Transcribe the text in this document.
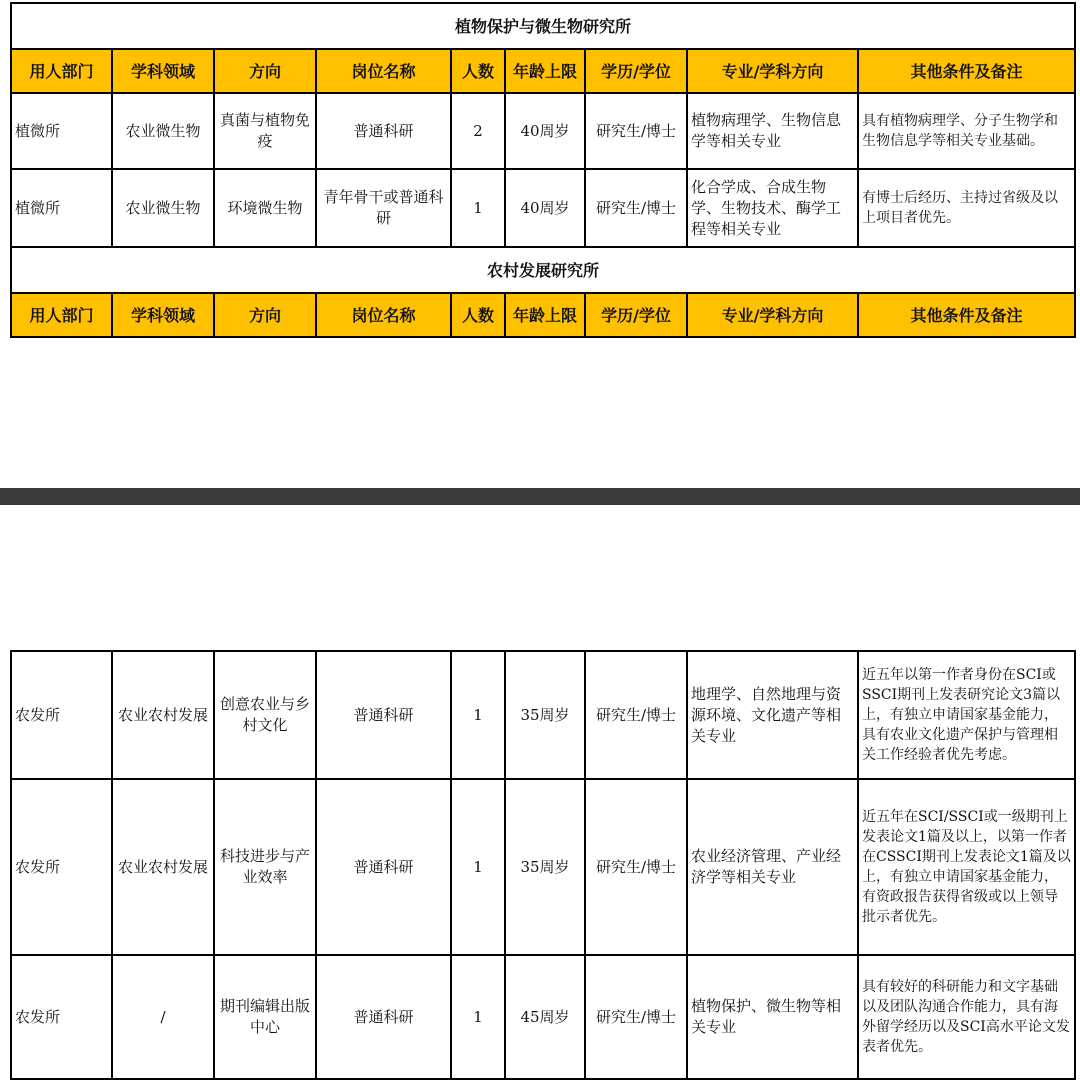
植物保护与微生物研究所								
用人部门	学科领域	方向	岗位名称	人数	年龄上限	学历/学位	专业/学科方向	其他条件及备注
植微所	农业微生物	真菌与植物免疫	普通科研	2	40周岁	研究生/博士	植物病理学、生物信息学等相关专业	具有植物病理学、分子生物学和生物信息学等相关专业基础。
植微所	农业微生物	环境微生物	青年骨干或普通科研	1	40周岁	研究生/博士	化合学成、合成生物学、生物技术、酶学工程等相关专业	有博士后经历、主持过省级及以上项目者优先。
农村发展研究所								
用人部门	学科领域	方向	岗位名称	人数	年龄上限	学历/学位	专业/学科方向	其他条件及备注
农发所	农业农村发展	创意农业与乡村文化	普通科研	1	35周岁	研究生/博士	地理学、自然地理与资源环境、文化遗产等相关专业	近五年以第一作者身份在SCI或SSCI期刊上发表研究论文3篇以上，有独立申请国家基金能力，具有农业文化遗产保护与管理相关工作经验者优先考虑。
农发所	农业农村发展	科技进步与产业效率	普通科研	1	35周岁	研究生/博士	农业经济管理、产业经济学等相关专业	近五年在SCI/SSCI或一级期刊上发表论文1篇及以上，以第一作者在CSSCI期刊上发表论文1篇及以上，有独立申请国家基金能力，有资政报告获得省级或以上领导批示者优先。
农发所	/	期刊编辑出版中心	普通科研	1	45周岁	研究生/博士	植物保护、微生物等相关专业	具有较好的科研能力和文字基础以及团队沟通合作能力，具有海外留学经历以及SCI高水平论文发表者优先。
